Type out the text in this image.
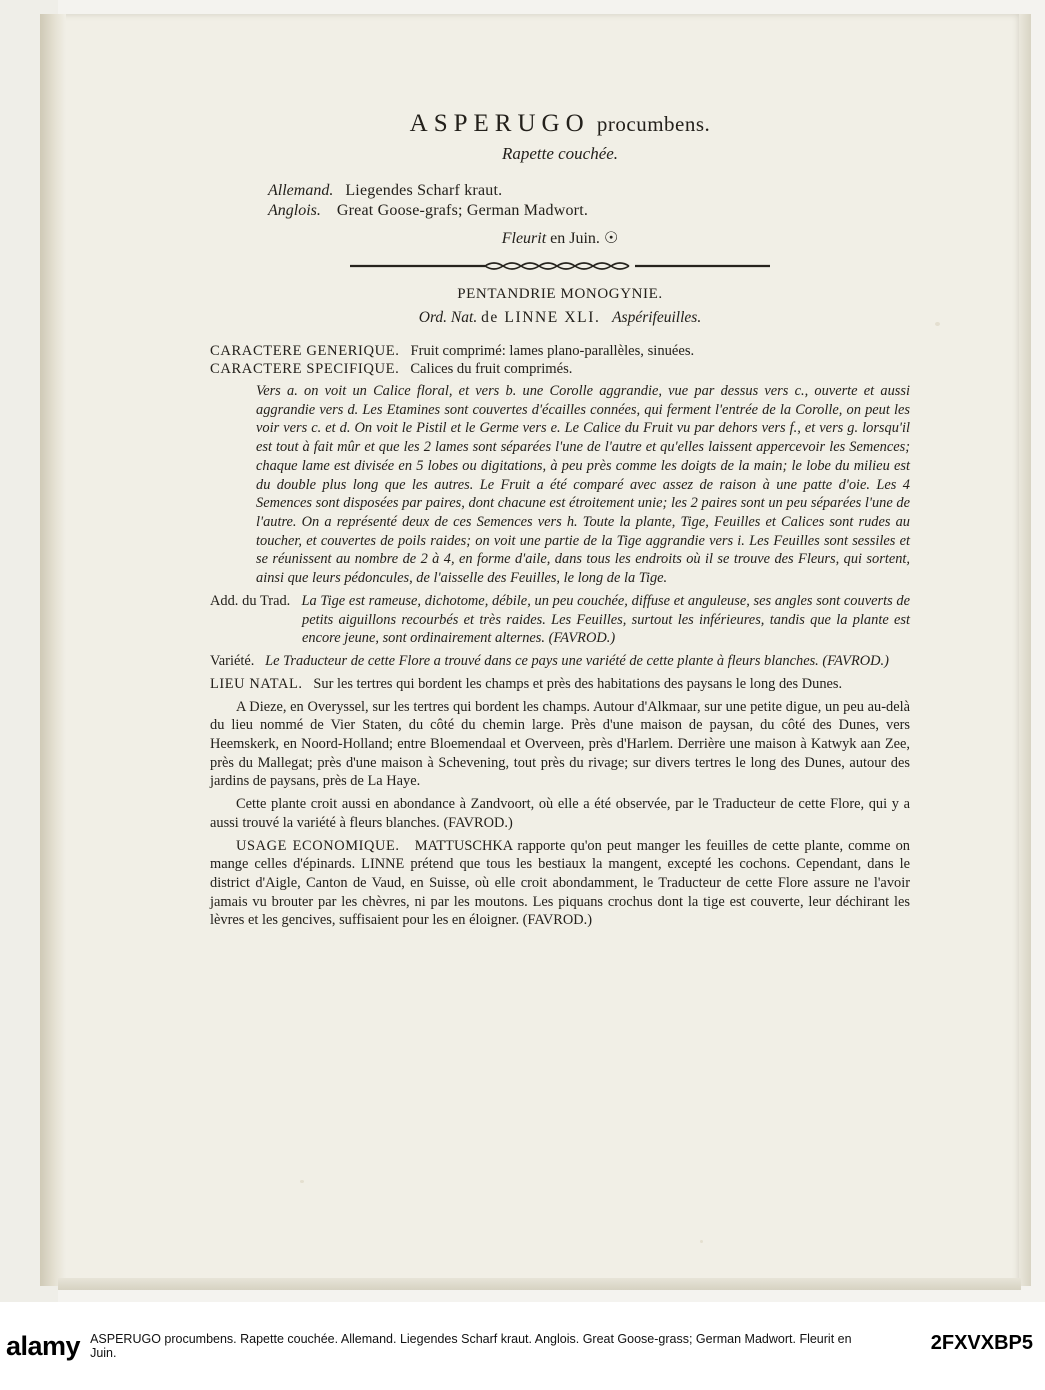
ASPERUGO procumbens.
Rapette couchée.
Allemand. Liegendes Scharf kraut.
Anglois. Great Goose-grafs; German Madwort.
Fleurit en Juin. ☉
PENTANDRIE MONOGYNIE.
Ord. Nat. de LINNE XLI. Aspérifeuilles.
CARACTERE GENERIQUE. Fruit comprimé: lames plano-parallèles, sinuées.
CARACTERE SPECIFIQUE. Calices du fruit comprimés.
Vers a. on voit un Calice floral, et vers b. une Corolle aggrandie, vue par dessus vers c., ouverte et aussi aggrandie vers d. Les Etamines sont couvertes d'écailles connées, qui ferment l'entrée de la Corolle, on peut les voir vers c. et d. On voit le Pistil et le Germe vers e. Le Calice du Fruit vu par dehors vers f., et vers g. lorsqu'il est tout à fait mûr et que les 2 lames sont séparées l'une de l'autre et qu'elles laissent appercevoir les Semences; chaque lame est divisée en 5 lobes ou digitations, à peu près comme les doigts de la main; le lobe du milieu est du double plus long que les autres. Le Fruit a été comparé avec assez de raison à une patte d'oie. Les 4 Semences sont disposées par paires, dont chacune est étroitement unie; les 2 paires sont un peu séparées l'une de l'autre. On a représenté deux de ces Semences vers h. Toute la plante, Tige, Feuilles et Calices sont rudes au toucher, et couvertes de poils raides; on voit une partie de la Tige aggrandie vers i. Les Feuilles sont sessiles et se réunissent au nombre de 2 à 4, en forme d'aile, dans tous les endroits où il se trouve des Fleurs, qui sortent, ainsi que leurs pédoncules, de l'aisselle des Feuilles, le long de la Tige.
Add. du Trad. La Tige est rameuse, dichotome, débile, un peu couchée, diffuse et anguleuse, ses angles sont couverts de petits aiguillons recourbés et très raides. Les Feuilles, surtout les inférieures, tandis que la plante est encore jeune, sont ordinairement alternes. (FAVROD.)
Variété. Le Traducteur de cette Flore a trouvé dans ce pays une variété de cette plante à fleurs blanches. (FAVROD.)
LIEU NATAL. Sur les tertres qui bordent les champs et près des habitations des paysans le long des Dunes.
A Dieze, en Overyssel, sur les tertres qui bordent les champs. Autour d'Alkmaar, sur une petite digue, un peu au-delà du lieu nommé de Vier Staten, du côté du chemin large. Près d'une maison de paysan, du côté des Dunes, vers Heemskerk, en Noord-Holland; entre Bloemendaal et Overveen, près d'Harlem. Derrière une maison à Katwyk aan Zee, près du Mallegat; près d'une maison à Schevening, tout près du rivage; sur divers tertres le long des Dunes, autour des jardins de paysans, près de La Haye.
Cette plante croit aussi en abondance à Zandvoort, où elle a été observée, par le Traducteur de cette Flore, qui y a aussi trouvé la variété à fleurs blanches. (FAVROD.)
USAGE ECONOMIQUE. MATTUSCHKA rapporte qu'on peut manger les feuilles de cette plante, comme on mange celles d'épinards. LINNE prétend que tous les bestiaux la mangent, excepté les cochons. Cependant, dans le district d'Aigle, Canton de Vaud, en Suisse, où elle croit abondamment, le Traducteur de cette Flore assure ne l'avoir jamais vu brouter par les chèvres, ni par les moutons. Les piquans crochus dont la tige est couverte, leur déchirant les lèvres et les gencives, suffisaient pour les en éloigner. (FAVROD.)
alamy ASPERUGO procumbens. Rapette couchée. Allemand. Liegendes Scharf kraut. Anglois. Great Goose-grass; German Madwort. Fleurit en Juin.	2FXVXBP5
